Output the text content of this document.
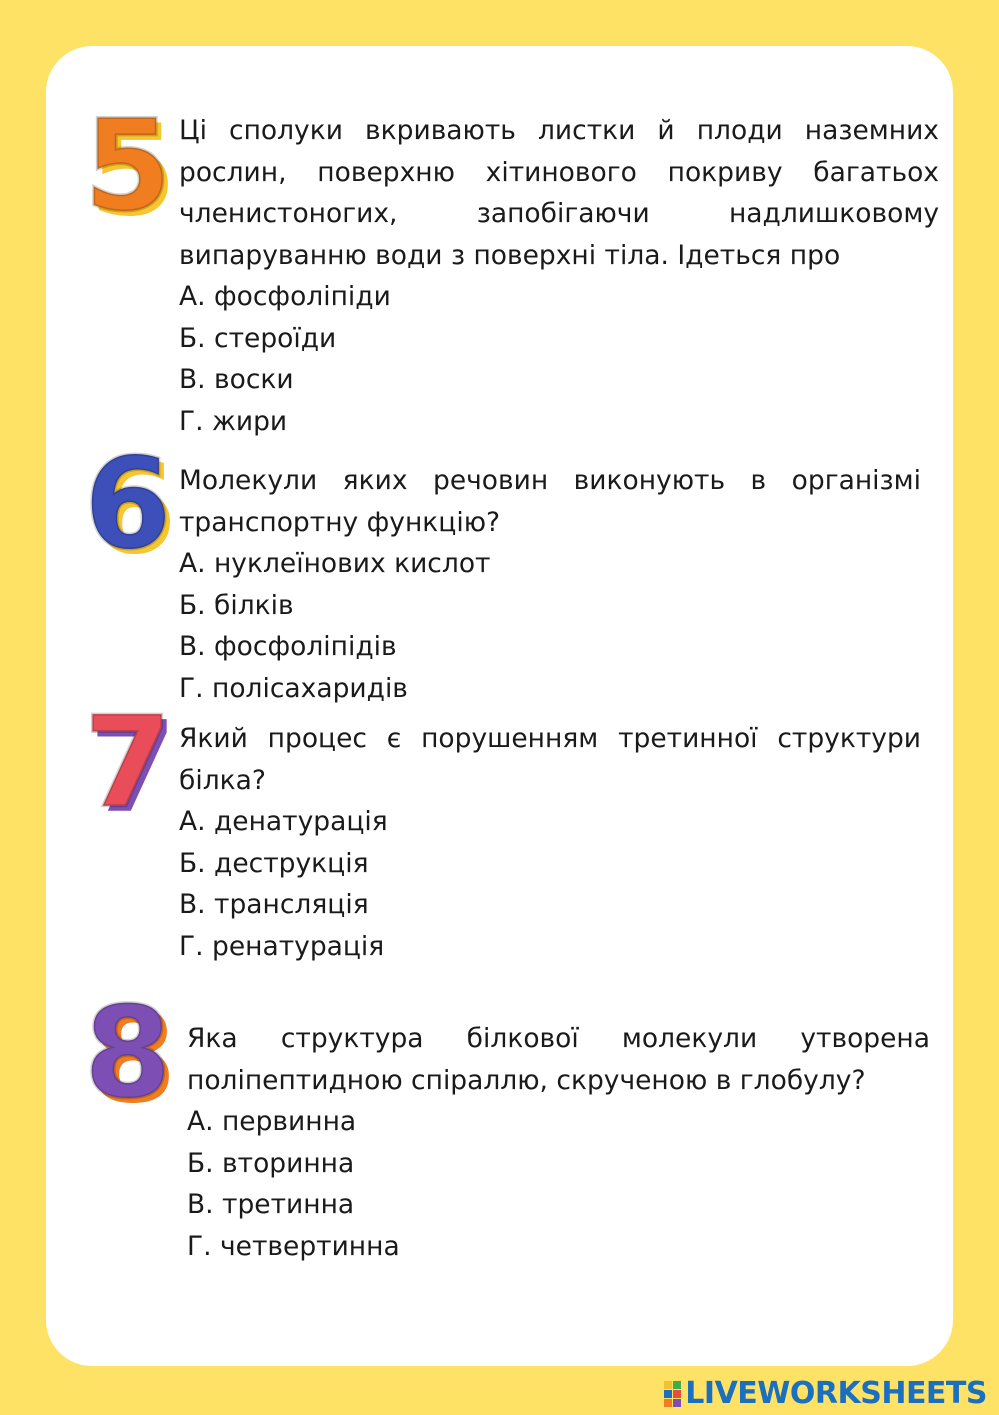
5 Ці сполуки вкривають листки й плоди наземних рослин, поверхню хітинового покриву багатьох членистоногих, запобігаючи надлишковому випаруванню води з поверхні тіла. Ідеться про

А. фосфоліпіди

Б. стероїди

В. воски

Г. жири

6 Молекули яких речовин виконують в організмі транспортну функцію?

А. нуклеїнових кислот

Б. білків

В. фосфоліпідів

Г. полісахаридів

7 Який процес є порушенням третинної структури білка?

А. денатурація

Б. деструкція

В. трансляція

Г. ренатурація

8 Яка структура білкової молекули утворена поліпептидною спіраллю, скрученою в глобулу?

А. первинна

Б. вторинна

В. третинна

Г. четвертинна

LIVEWORKSHEETS
